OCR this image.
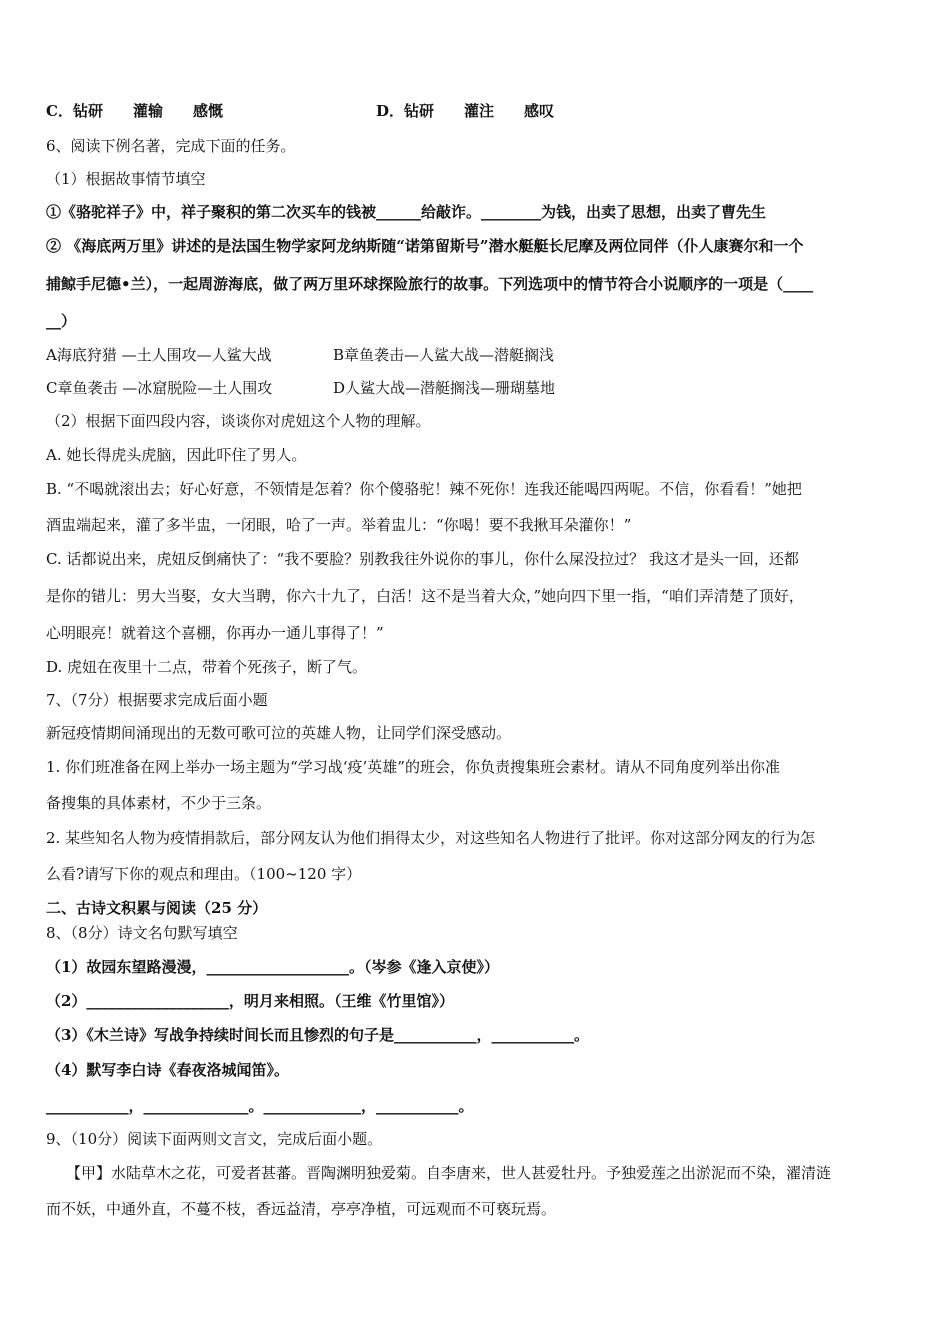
C．钻研　　灌输　　感慨	D．钻研　　灌注　　感叹
6、阅读下例名著，完成下面的任务。
（1）根据故事情节填空
①《骆驼祥子》中，祥子聚积的第二次买车的钱被______给敲诈。________为钱，出卖了思想，出卖了曹先生
② 《海底两万里》讲述的是法国生物学家阿龙纳斯随“诺第留斯号”潜水艇艇长尼摩及两位同伴（仆人康赛尔和一个
捕鲸手尼德•兰），一起周游海底，做了两万里环球探险旅行的故事。下列选项中的情节符合小说顺序的一项是（____
__）
A海底狩猎 —土人围攻—人鲨大战	B章鱼袭击—人鲨大战—潜艇搁浅
C章鱼袭击 —冰窟脱险—土人围攻	D人鲨大战—潜艇搁浅—珊瑚墓地
（2）根据下面四段内容，谈谈你对虎妞这个人物的理解。
A. 她长得虎头虎脑，因此吓住了男人。
B. “不喝就滚出去；好心好意，不领情是怎着？你个傻骆驼！辣不死你！连我还能喝四两呢。不信，你看看！”她把
酒盅端起来，灌了多半盅，一闭眼，哈了一声。举着盅儿：“你喝！要不我揪耳朵灌你！”
C. 话都说出来，虎妞反倒痛快了：“我不要脸？别教我往外说你的事儿，你什么屎没拉过？ 我这才是头一回，还都
是你的错儿：男大当娶，女大当聘，你六十九了，白活！这不是当着大众，”她向四下里一指，“咱们弄清楚了顶好，
心明眼亮！就着这个喜棚，你再办一通儿事得了！”
D. 虎妞在夜里十二点，带着个死孩子，断了气。
7、（7分）根据要求完成后面小题
新冠疫情期间涌现出的无数可歌可泣的英雄人物，让同学们深受感动。
1. 你们班准备在网上举办一场主题为“学习战‘疫’英雄”的班会，你负责搜集班会素材。请从不同角度列举出你准
备搜集的具体素材，不少于三条。
2. 某些知名人物为疫情捐款后，部分网友认为他们捐得太少，对这些知名人物进行了批评。你对这部分网友的行为怎
么看?请写下你的观点和理由。（100~120 字）
二、古诗文积累与阅读（25 分）
8、（8分）诗文名句默写填空
（1）故园东望路漫漫，___________________。（岑参《逢入京使》）
（2）___________________，明月来相照。（王维《竹里馆》）
（3）《木兰诗》写战争持续时间长而且惨烈的句子是___________，___________。
（4）默写李白诗《春夜洛城闻笛》。
___________，______________。_____________，___________。
9、（10分）阅读下面两则文言文，完成后面小题。
【甲】水陆草木之花，可爱者甚蕃。晋陶渊明独爱菊。自李唐来，世人甚爱牡丹。予独爱莲之出淤泥而不染，濯清涟
而不妖，中通外直，不蔓不枝，香远益清，亭亭净植，可远观而不可亵玩焉。
